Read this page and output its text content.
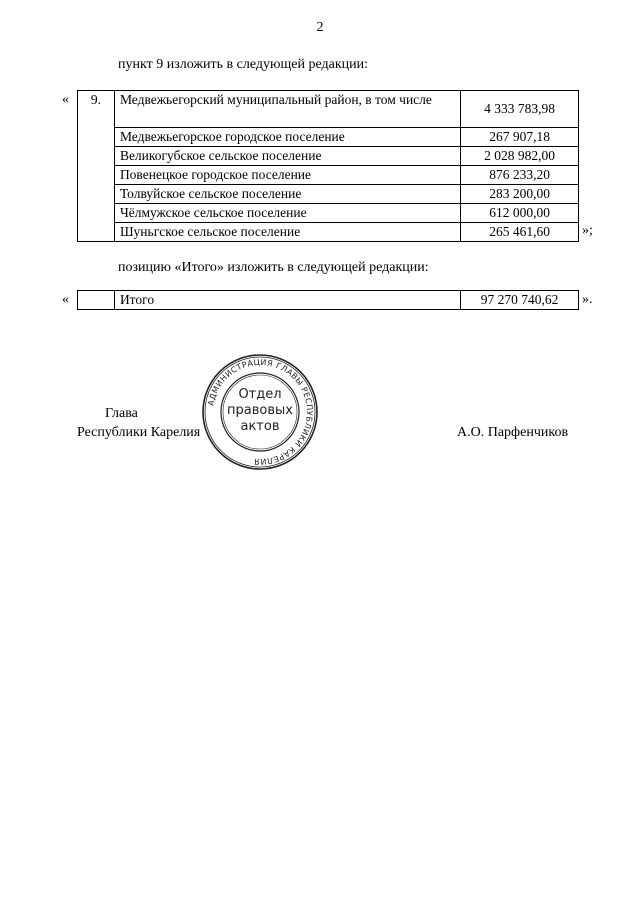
2
пункт 9 изложить в следующей редакции:
« 9.	Медвежьегорский муниципальный район, в том числе	4 333 783,98
	Медвежьегорское городское поселение	267 907,18
	Великогубское сельское поселение	2 028 982,00
	Повенецкое городское поселение	876 233,20
	Толвуйское сельское поселение	283 200,00
	Чёлмужское сельское поселение	612 000,00
	Шуньгское сельское поселение	265 461,60 »;
позицию «Итого» изложить в следующей редакции:
«
		Итого	97 270 740,62 ».
АДМИНИСТРАЦИЯ ГЛАВЫ РЕСПУБЛИКИ КАРЕЛИЯ
Отдел
правовых
актов
Глава
Республики Карелия	А.О. Парфенчиков
